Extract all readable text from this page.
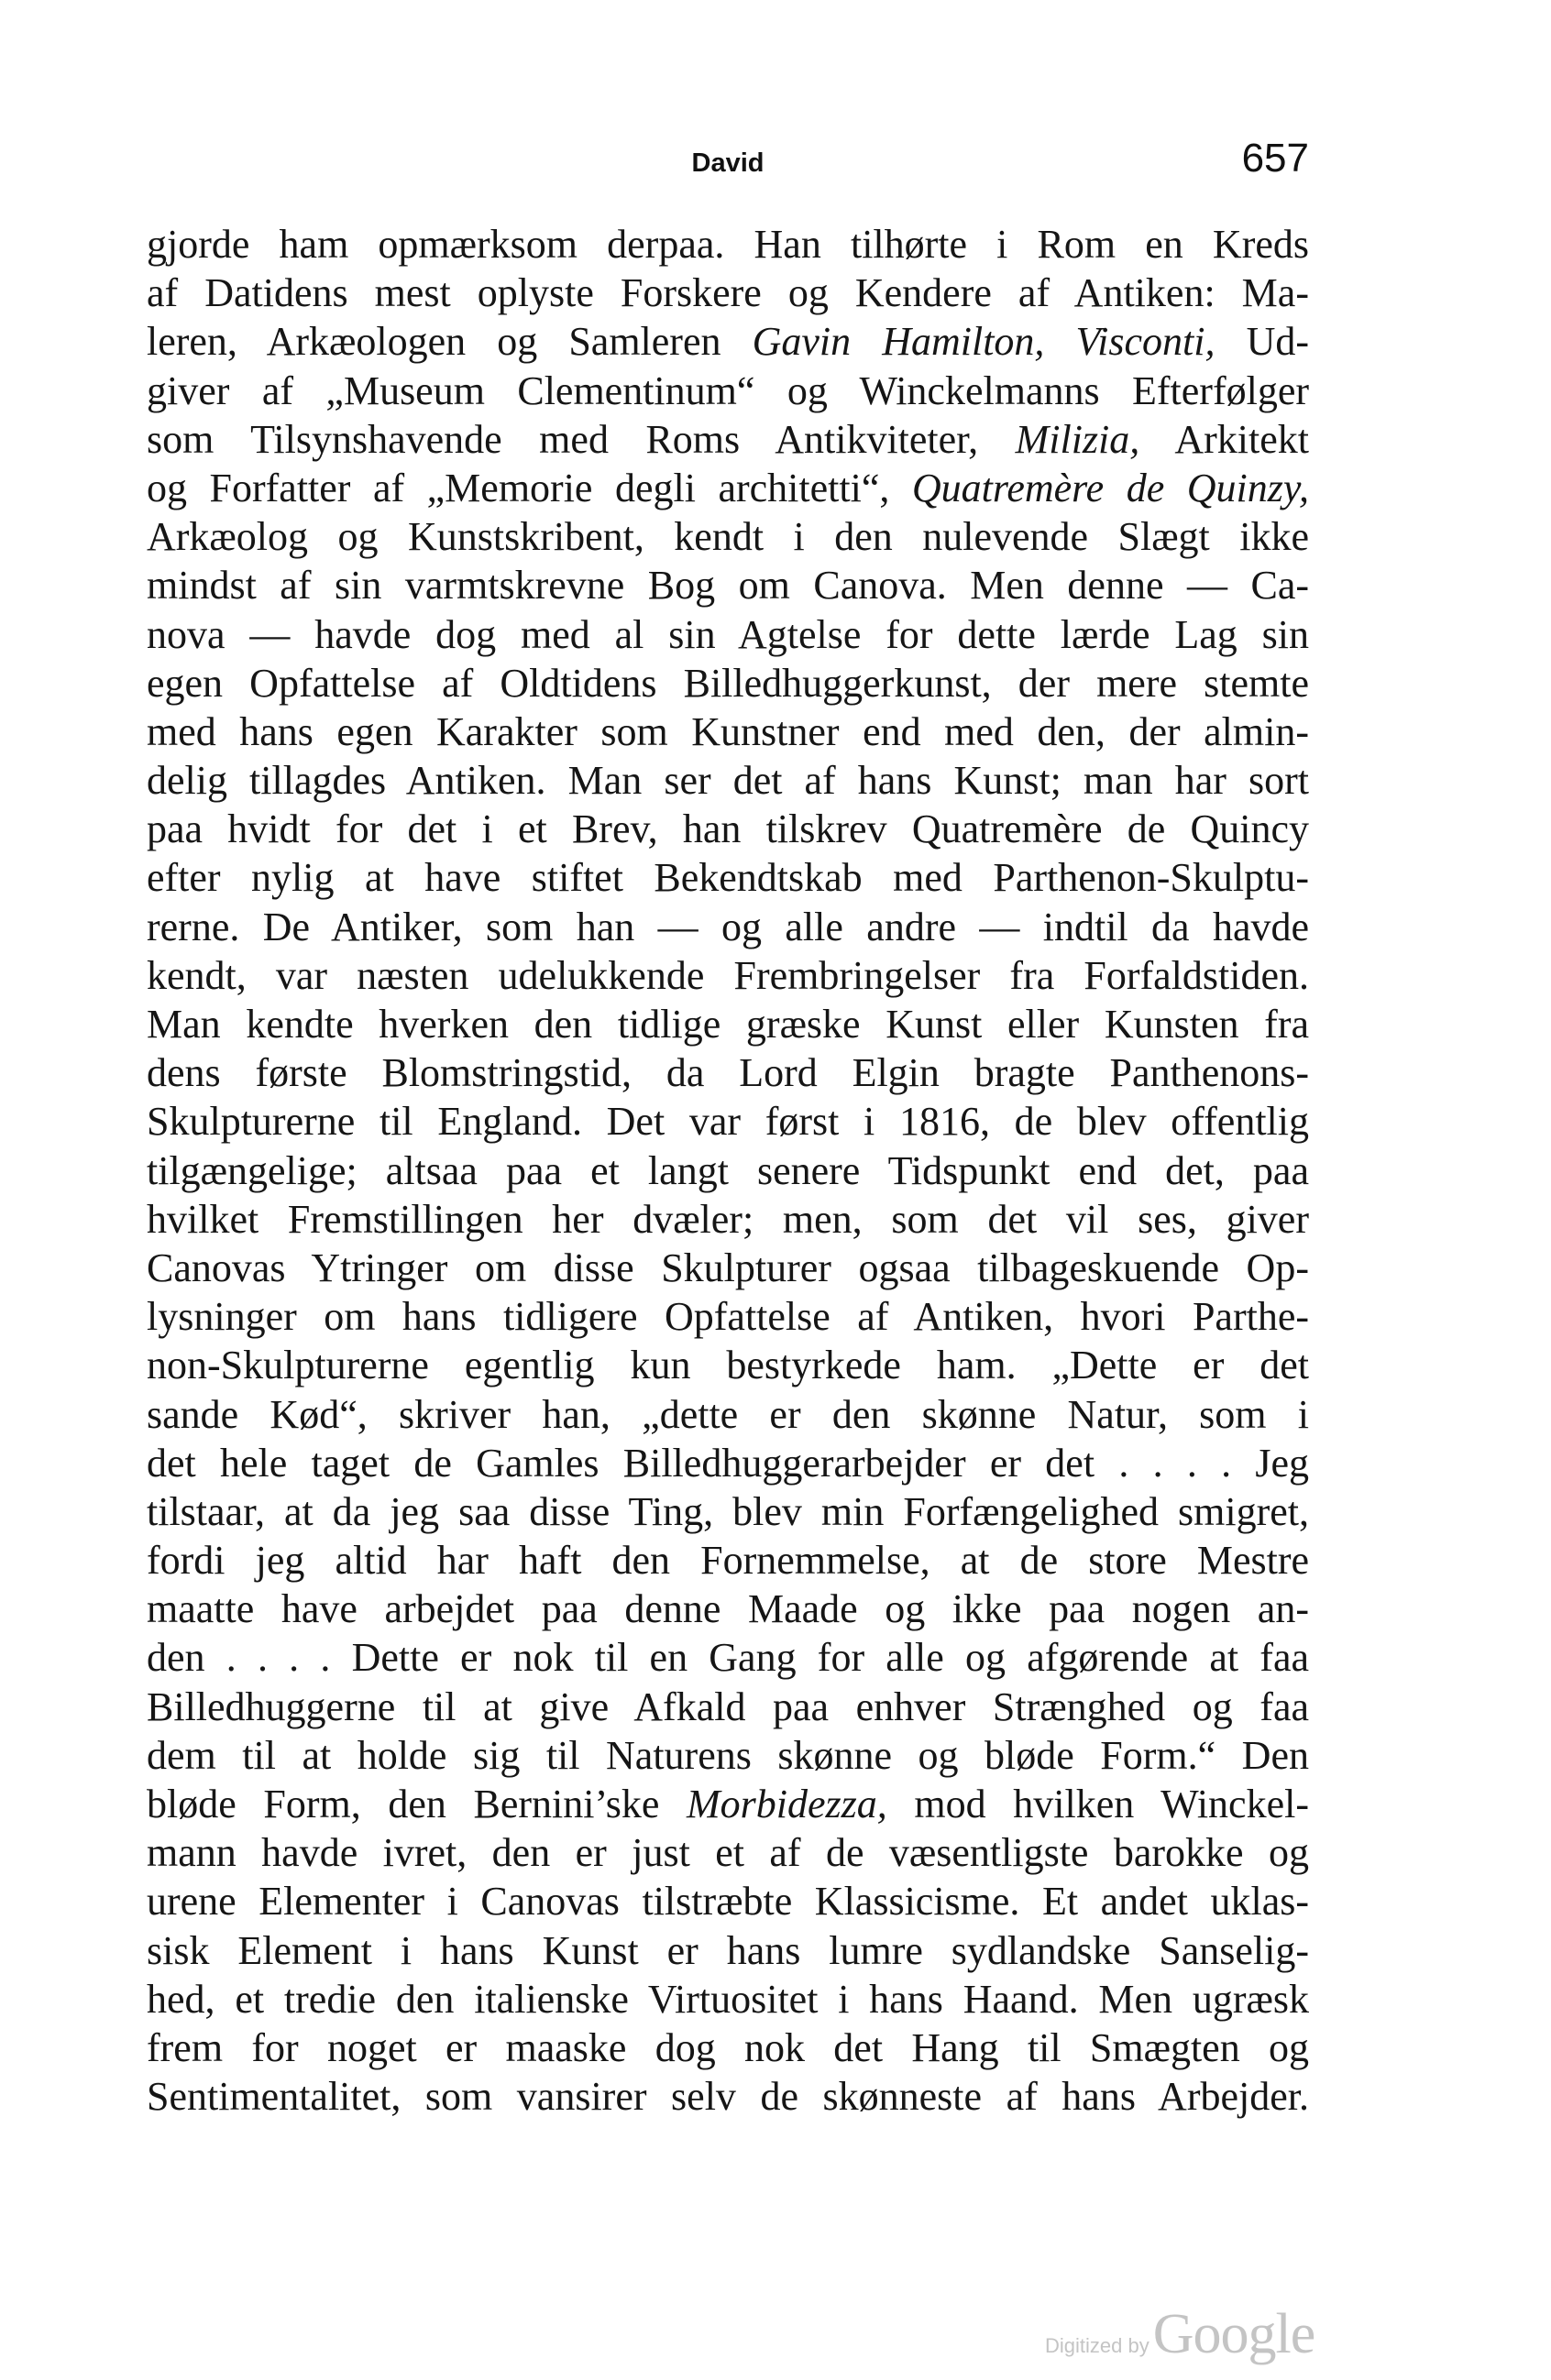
David	657
gjorde ham opmærksom derpaa. Han tilhørte i Rom en Kreds
af Datidens mest oplyste Forskere og Kendere af Antiken: Ma-
leren, Arkæologen og Samleren Gavin Hamilton, Visconti, Ud-
giver af „Museum Clementinum“ og Winckelmanns Efterfølger
som Tilsynshavende med Roms Antikviteter, Milizia, Arkitekt
og Forfatter af „Memorie degli architetti“, Quatremère de Quinzy,
Arkæolog og Kunstskribent, kendt i den nulevende Slægt ikke
mindst af sin varmtskrevne Bog om Canova. Men denne — Ca-
nova — havde dog med al sin Agtelse for dette lærde Lag sin
egen Opfattelse af Oldtidens Billedhuggerkunst, der mere stemte
med hans egen Karakter som Kunstner end med den, der almin-
delig tillagdes Antiken. Man ser det af hans Kunst; man har sort
paa hvidt for det i et Brev, han tilskrev Quatremère de Quincy
efter nylig at have stiftet Bekendtskab med Parthenon-Skulptu-
rerne. De Antiker, som han — og alle andre — indtil da havde
kendt, var næsten udelukkende Frembringelser fra Forfaldstiden.
Man kendte hverken den tidlige græske Kunst eller Kunsten fra
dens første Blomstringstid, da Lord Elgin bragte Panthenons-
Skulpturerne til England. Det var først i 1816, de blev offentlig
tilgængelige; altsaa paa et langt senere Tidspunkt end det, paa
hvilket Fremstillingen her dvæler; men, som det vil ses, giver
Canovas Ytringer om disse Skulpturer ogsaa tilbageskuende Op-
lysninger om hans tidligere Opfattelse af Antiken, hvori Parthe-
non-Skulpturerne egentlig kun bestyrkede ham. „Dette er det
sande Kød“, skriver han, „dette er den skønne Natur, som i
det hele taget de Gamles Billedhuggerarbejder er det . . . . Jeg
tilstaar, at da jeg saa disse Ting, blev min Forfængelighed smigret,
fordi jeg altid har haft den Fornemmelse, at de store Mestre
maatte have arbejdet paa denne Maade og ikke paa nogen an-
den . . . . Dette er nok til en Gang for alle og afgørende at faa
Billedhuggerne til at give Afkald paa enhver Strænghed og faa
dem til at holde sig til Naturens skønne og bløde Form.“ Den
bløde Form, den Bernini’ske Morbidezza, mod hvilken Winckel-
mann havde ivret, den er just et af de væsentligste barokke og
urene Elementer i Canovas tilstræbte Klassicisme. Et andet uklas-
sisk Element i hans Kunst er hans lumre sydlandske Sanselig-
hed, et tredie den italienske Virtuositet i hans Haand. Men ugræsk
frem for noget er maaske dog nok det Hang til Smægten og
Sentimentalitet, som vansirer selv de skønneste af hans Arbejder.
Digitized byGoogle
